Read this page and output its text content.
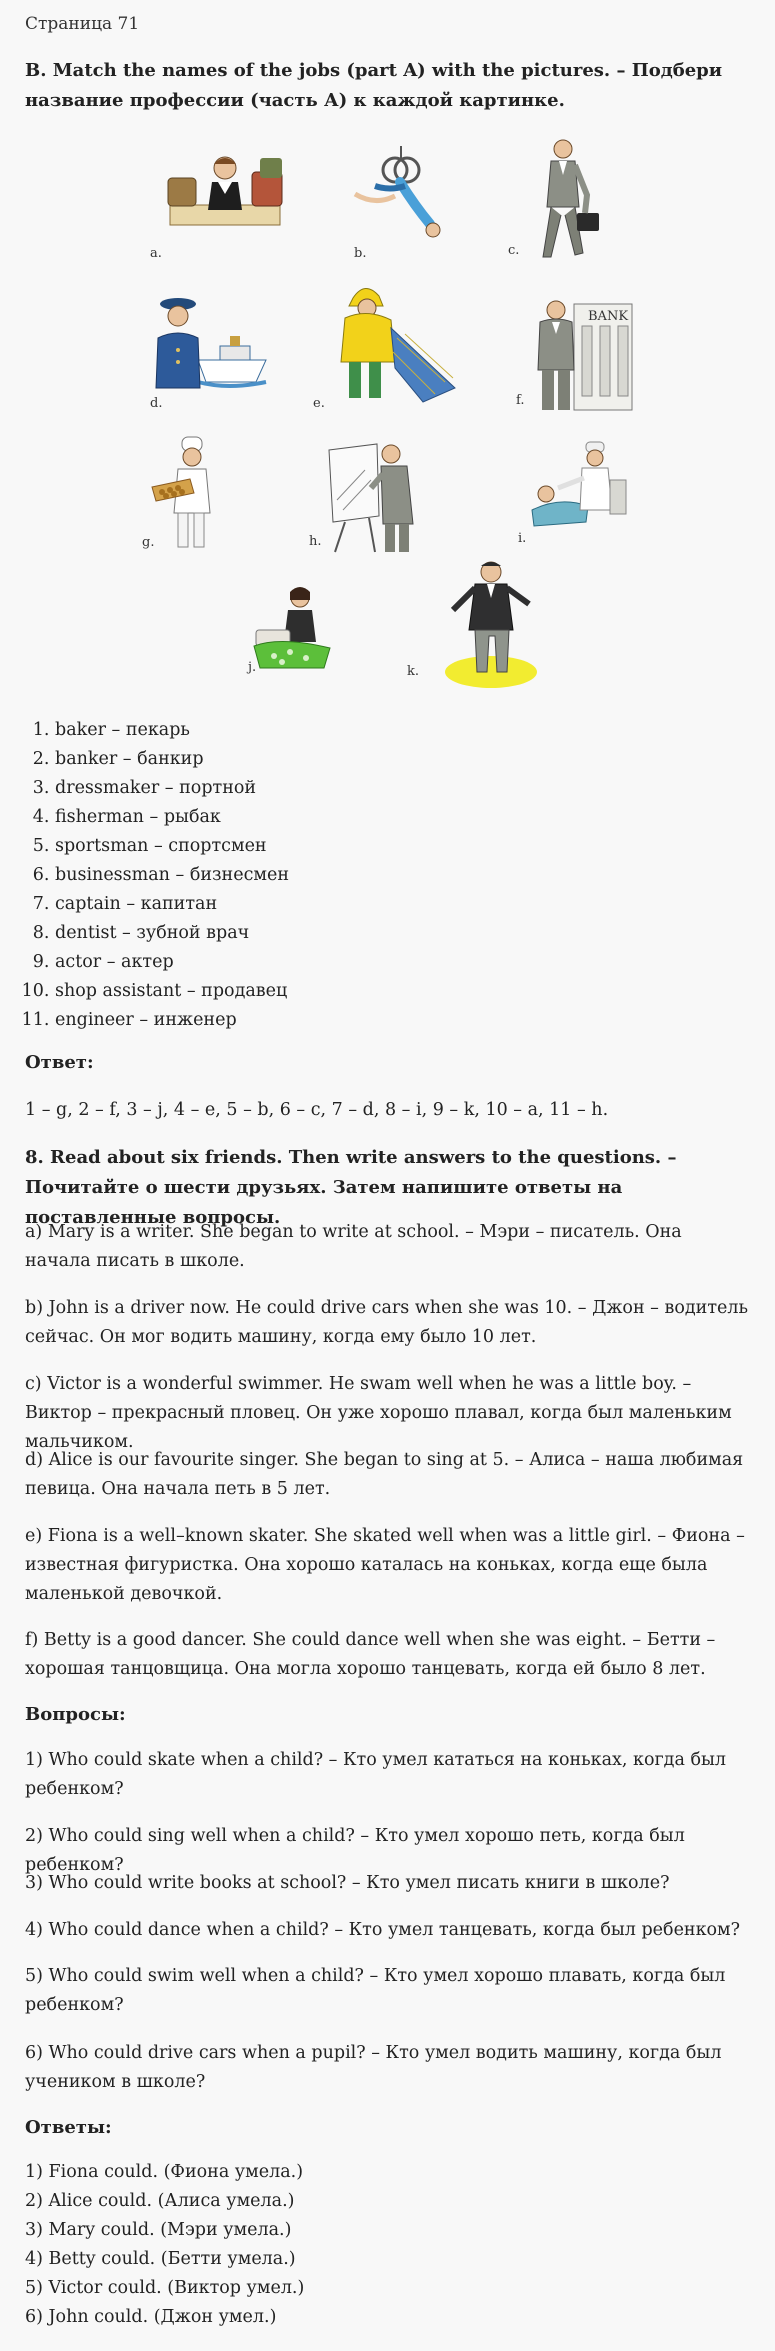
Страница 71
B. Match the names of the jobs (part A) with the pictures. – Подбери название профессии (часть А) к каждой картинке.
a.	b.	c.
d.	e.
BANK
f.
g.	h.	i.
j.	k.
1. baker – пекарь
2. banker – банкир
3. dressmaker – портной
4. fisherman – рыбак
5. sportsman – спортсмен
6. businessman – бизнесмен
7. captain – капитан
8. dentist – зубной врач
9. actor – актер
10. shop assistant – продавец
11. engineer – инженер
Ответ:
1 – g, 2 – f, 3 – j, 4 – e, 5 – b, 6 – c, 7 – d, 8 – i, 9 – k, 10 – a, 11 – h.
8. Read about six friends. Then write answers to the questions. – Почитайте о шести друзьях. Затем напишите ответы на поставленные вопросы.
a) Mary is a writer. She began to write at school. – Мэри – писатель. Она начала писать в школе.
b) John is a driver now. He could drive cars when she was 10. – Джон – водитель сейчас. Он мог водить машину, когда ему было 10 лет.
c) Victor is a wonderful swimmer. He swam well when he was a little boy. – Виктор – прекрасный пловец. Он уже хорошо плавал, когда был маленьким мальчиком.
d) Alice is our favourite singer. She began to sing at 5. – Алиса – наша любимая певица. Она начала петь в 5 лет.
e) Fiona is a well–known skater. She skated well when was a little girl. – Фиона – известная фигуристка. Она хорошо каталась на коньках, когда еще была маленькой девочкой.
f) Betty is a good dancer. She could dance well when she was eight. – Бетти – хорошая танцовщица. Она могла хорошо танцевать, когда ей было 8 лет.
Вопросы:
1) Who could skate when a child? – Кто умел кататься на коньках, когда был ребенком?
2) Who could sing well when a child? – Кто умел хорошо петь, когда был ребенком?
3) Who could write books at school? – Кто умел писать книги в школе?
4) Who could dance when a child? – Кто умел танцевать, когда был ребенком?
5) Who could swim well when a child? – Кто умел хорошо плавать, когда был ребенком?
6) Who could drive cars when a pupil? – Кто умел водить машину, когда был учеником в школе?
Ответы:
1) Fiona could. (Фиона умела.)
2) Alice could. (Алиса умела.)
3) Mary could. (Мэри умела.)
4) Betty could. (Бетти умела.)
5) Victor could. (Виктор умел.)
6) John could. (Джон умел.)
